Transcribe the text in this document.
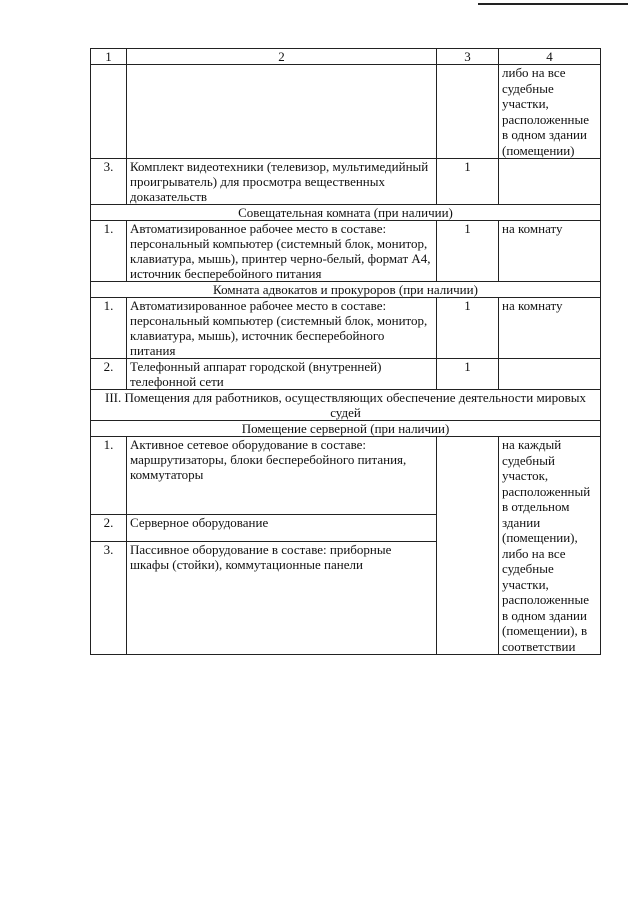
1	2	3	4
			либо на все судебные участки, расположенные в одном здании (помещении)
3.	Комплект видеотехники (телевизор, мультимедийный проигрыватель) для просмотра вещественных доказательств	1	
Совещательная комната (при наличии)			
1.	Автоматизированное рабочее место в составе: персональный компьютер (системный блок, монитор, клавиатура, мышь), принтер черно-белый, формат А4, источник бесперебойного питания	1	на комнату
Комната адвокатов и прокуроров (при наличии)			
1.	Автоматизированное рабочее место в составе: персональный компьютер (системный блок, монитор, клавиатура, мышь), источник бесперебойного питания	1	на комнату
2.	Телефонный аппарат городской (внутренней) телефонной сети	1	
III. Помещения для работников, осуществляющих обеспечение деятельности мировых судей			
Помещение серверной (при наличии)			
1.	Активное сетевое оборудование в составе: маршрутизаторы, блоки бесперебойного питания, коммутаторы		на каждый судебный участок, расположенный в отдельном здании (помещении), либо на все судебные участки, расположенные в одном здании (помещении), в соответствии
2.	Серверное оборудование		
3.	Пассивное оборудование в составе: приборные шкафы (стойки), коммутационные панели		
